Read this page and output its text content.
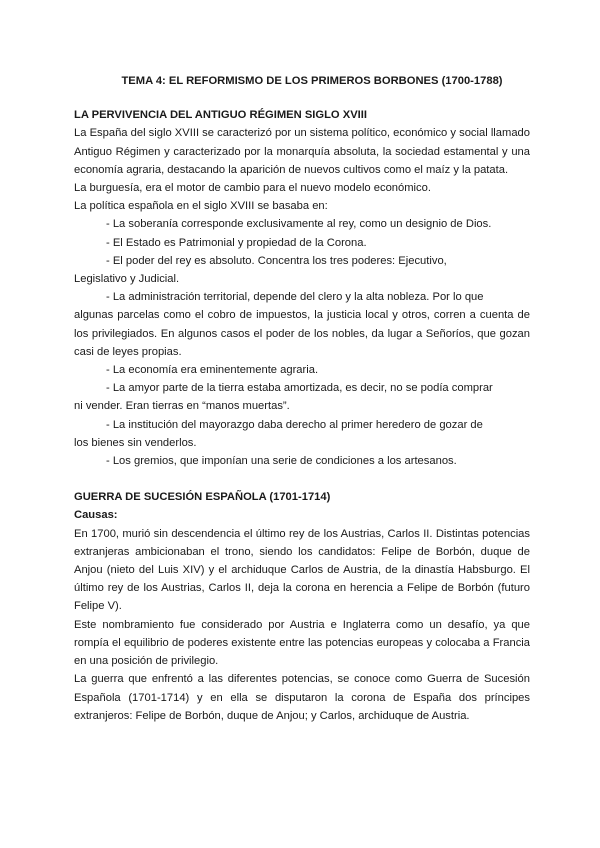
TEMA 4: EL REFORMISMO DE LOS PRIMEROS BORBONES (1700-1788)

LA PERVIVENCIA DEL ANTIGUO RÉGIMEN SIGLO XVIII

La España del siglo XVIII se caracterizó por un sistema político, económico y social llamado Antiguo Régimen y caracterizado por la monarquía absoluta, la sociedad estamental y una economía agraria, destacando la aparición de nuevos cultivos como el maíz y la patata.

La burguesía, era el motor de cambio para el nuevo modelo económico.

La política española en el siglo XVIII se basaba en:

- La soberanía corresponde exclusivamente al rey, como un designio de Dios.
- El Estado es Patrimonial y propiedad de la Corona.
- El poder del rey es absoluto. Concentra los tres poderes: Ejecutivo,
Legislativo y Judicial.
- La administración territorial, depende del clero y la alta nobleza. Por lo que
algunas parcelas como el cobro de impuestos, la justicia local y otros, corren a cuenta de los privilegiados. En algunos casos el poder de los nobles, da lugar a Señoríos, que gozan casi de leyes propias.
- La economía era eminentemente agraria.
- La amyor parte de la tierra estaba amortizada, es decir, no se podía comprar
ni vender. Eran tierras en “manos muertas”.
- La institución del mayorazgo daba derecho al primer heredero de gozar de
los bienes sin venderlos.
- Los gremios, que imponían una serie de condiciones a los artesanos.

GUERRA DE SUCESIÓN ESPAÑOLA (1701-1714)

Causas:

En 1700, murió sin descendencia el último rey de los Austrias, Carlos II. Distintas potencias extranjeras ambicionaban el trono, siendo los candidatos: Felipe de Borbón, duque de Anjou (nieto del Luis XIV) y el archiduque Carlos de Austria, de la dinastía Habsburgo. El último rey de los Austrias, Carlos II, deja la corona en herencia a Felipe de Borbón (futuro Felipe V).

Este nombramiento fue considerado por Austria e Inglaterra como un desafío, ya que rompía el equilibrio de poderes existente entre las potencias europeas y colocaba a Francia en una posición de privilegio.

La guerra que enfrentó a las diferentes potencias, se conoce como Guerra de Sucesión Española (1701-1714) y en ella se disputaron la corona de España dos príncipes extranjeros: Felipe de Borbón, duque de Anjou; y Carlos, archiduque de Austria.
